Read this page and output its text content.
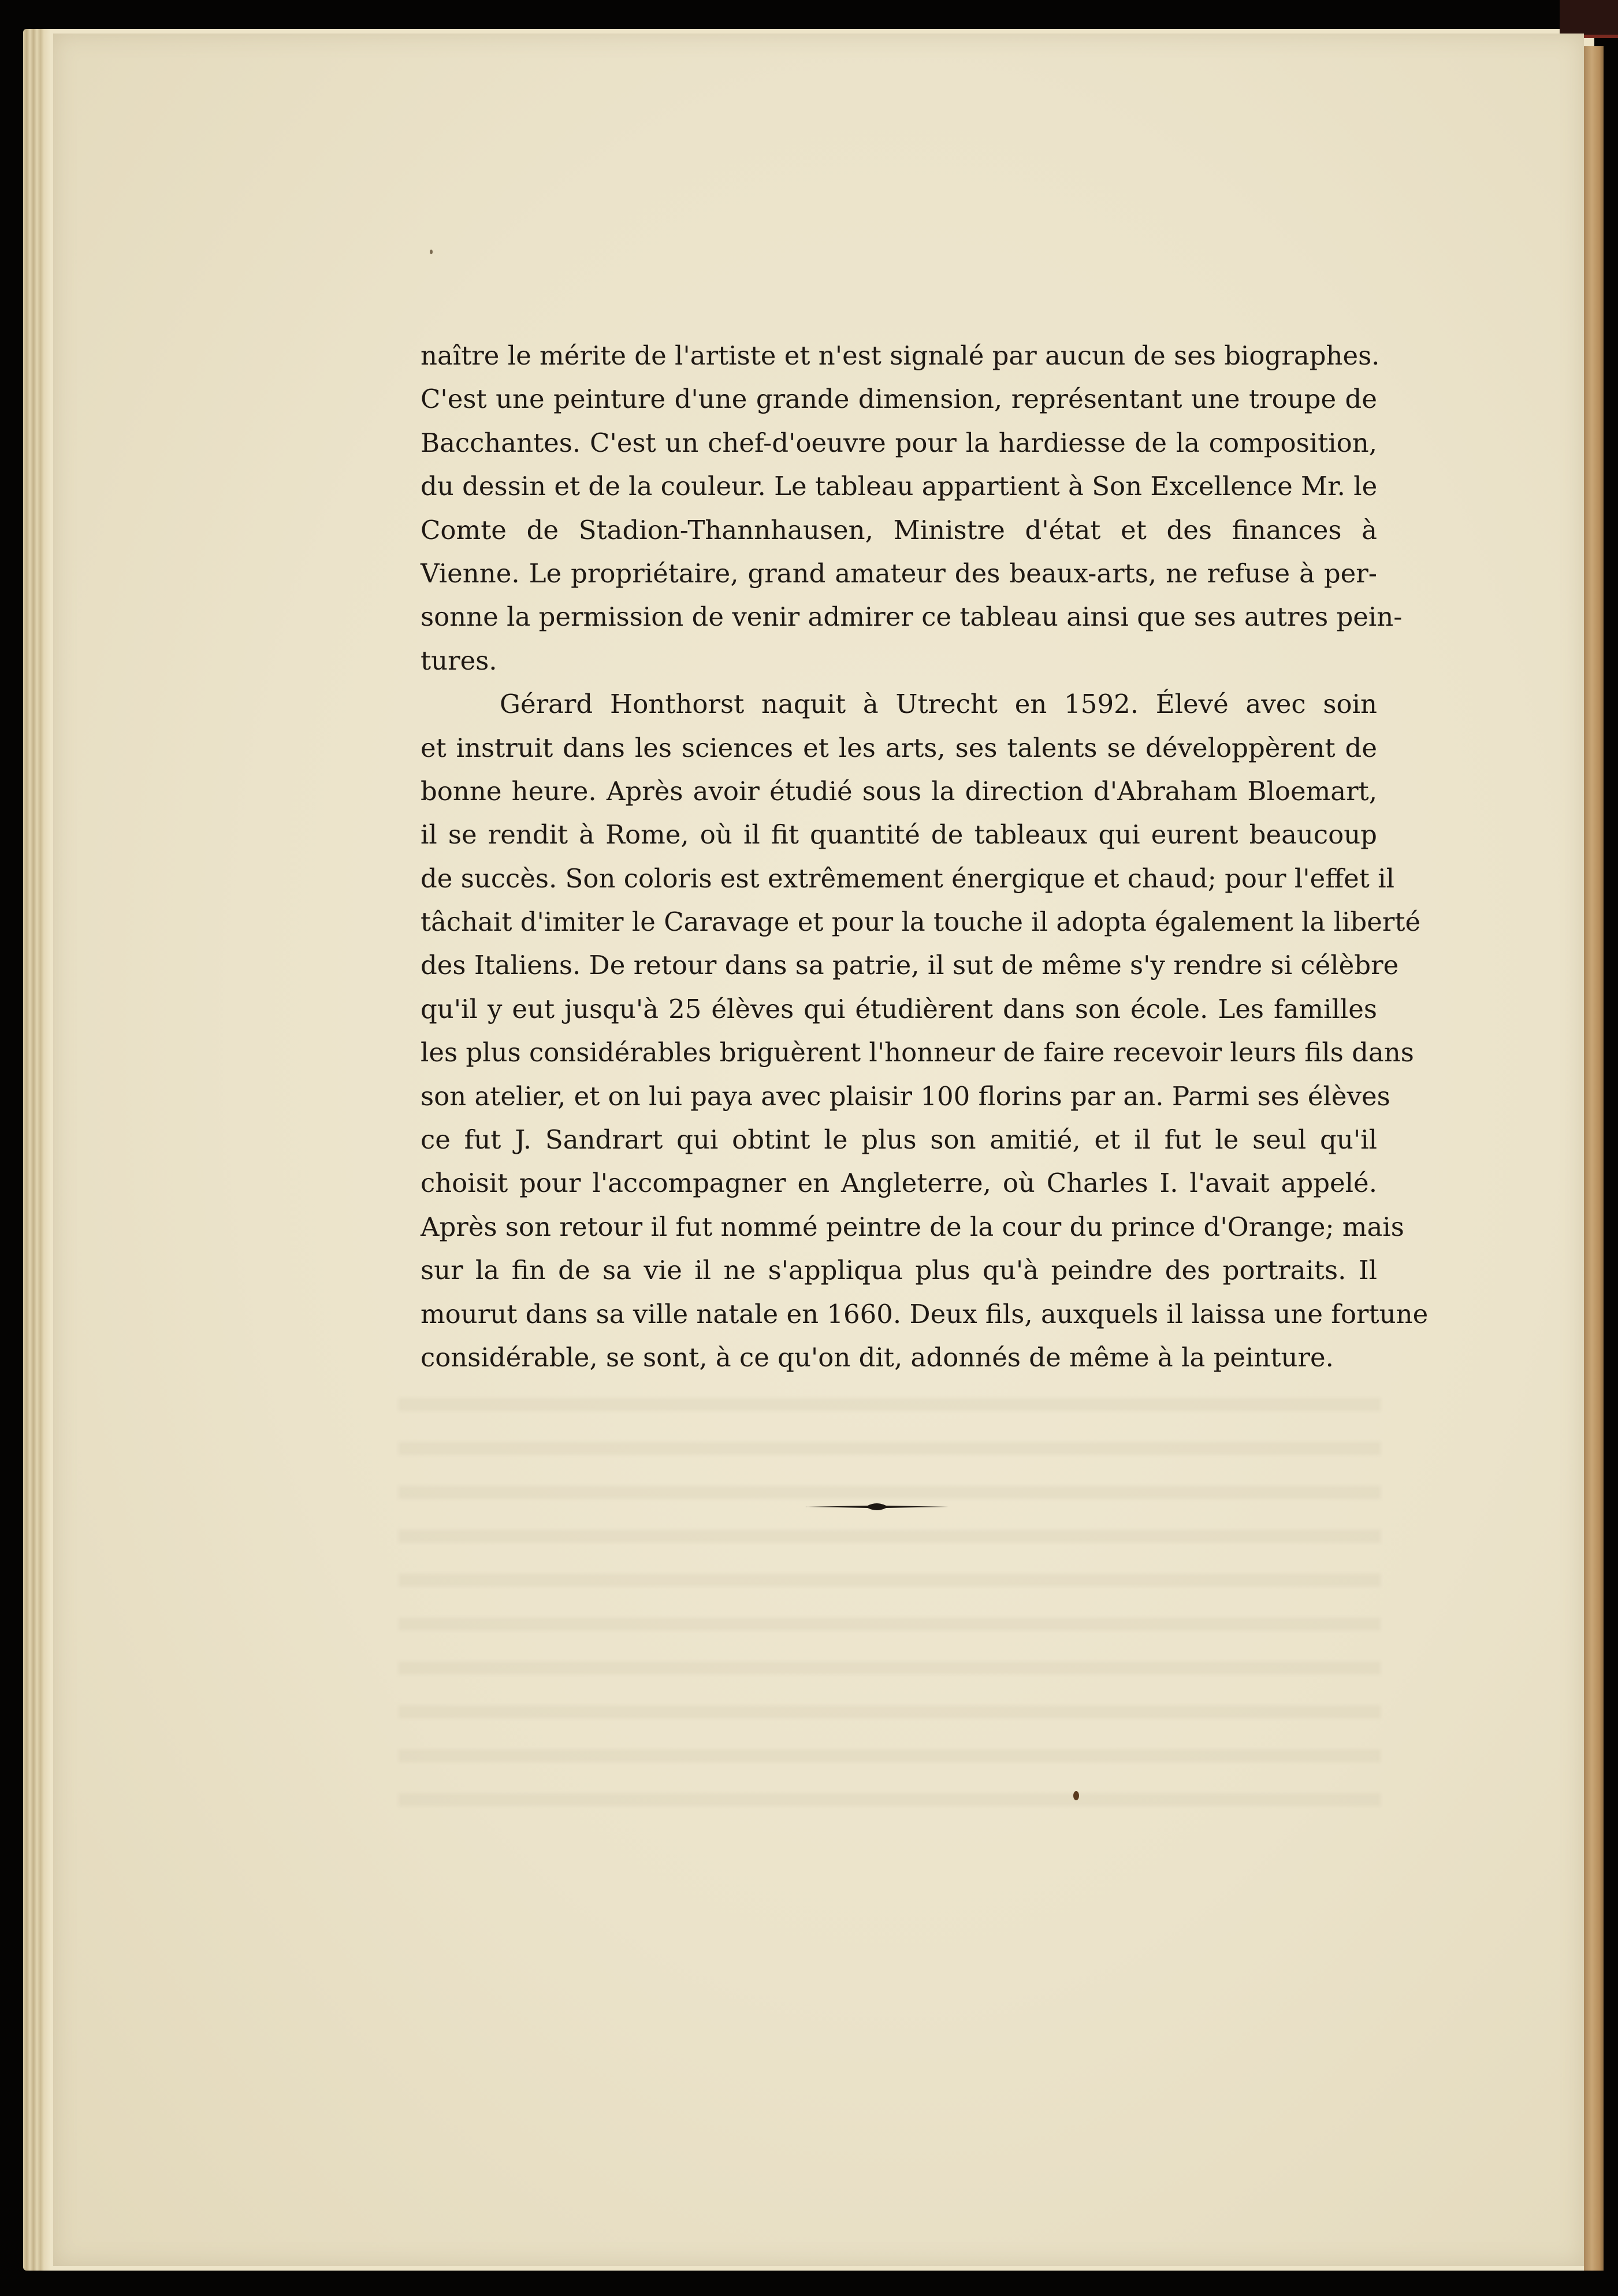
naître le mérite de l'artiste et n'est signalé par aucun de ses biographes.
C'est une peinture d'une grande dimension, représentant une troupe de
Bacchantes. C'est un chef-d'oeuvre pour la hardiesse de la composition,
du dessin et de la couleur. Le tableau appartient à Son Excellence Mr. le
Comte de Stadion-Thannhausen, Ministre d'état et des finances à
Vienne. Le propriétaire, grand amateur des beaux-arts, ne refuse à per-
sonne la permission de venir admirer ce tableau ainsi que ses autres pein-
tures.
Gérard Honthorst naquit à Utrecht en 1592. Élevé avec soin
et instruit dans les sciences et les arts, ses talents se développèrent de
bonne heure. Après avoir étudié sous la direction d'Abraham Bloemart,
il se rendit à Rome, où il fit quantité de tableaux qui eurent beaucoup
de succès. Son coloris est extrêmement énergique et chaud; pour l'effet il
tâchait d'imiter le Caravage et pour la touche il adopta également la liberté
des Italiens. De retour dans sa patrie, il sut de même s'y rendre si célèbre
qu'il y eut jusqu'à 25 élèves qui étudièrent dans son école. Les familles
les plus considérables briguèrent l'honneur de faire recevoir leurs fils dans
son atelier, et on lui paya avec plaisir 100 florins par an. Parmi ses élèves
ce fut J. Sandrart qui obtint le plus son amitié, et il fut le seul qu'il
choisit pour l'accompagner en Angleterre, où Charles I. l'avait appelé.
Après son retour il fut nommé peintre de la cour du prince d'Orange; mais
sur la fin de sa vie il ne s'appliqua plus qu'à peindre des portraits. Il
mourut dans sa ville natale en 1660. Deux fils, auxquels il laissa une fortune
considérable, se sont, à ce qu'on dit, adonnés de même à la peinture.
